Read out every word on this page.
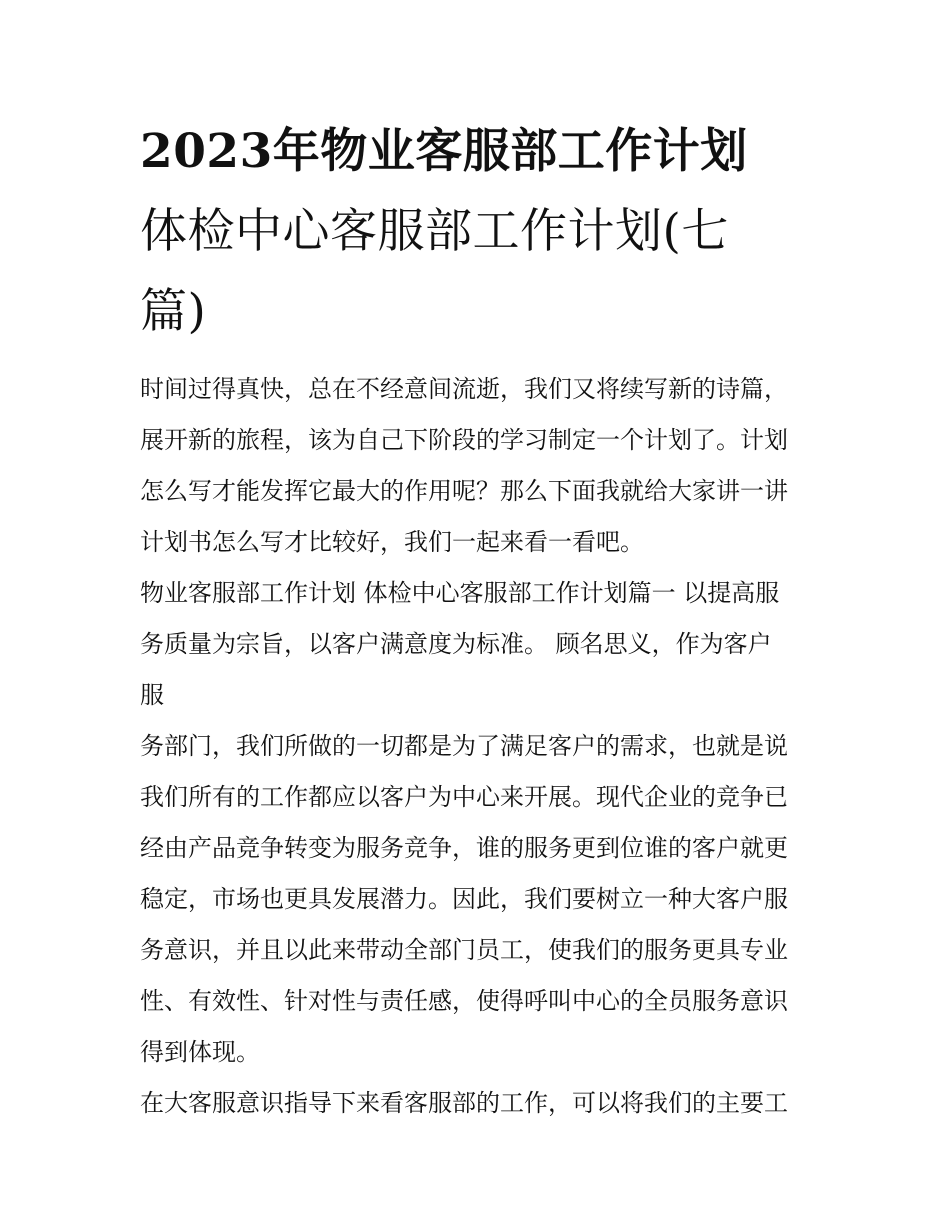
2023年物业客服部工作计划
体检中心客服部工作计划(七
篇)

时间过得真快，总在不经意间流逝，我们又将续写新的诗篇，
展开新的旅程，该为自己下阶段的学习制定一个计划了。计划
怎么写才能发挥它最大的作用呢？那么下面我就给大家讲一讲
计划书怎么写才比较好，我们一起来看一看吧。

物业客服部工作计划 体检中心客服部工作计划篇一 以提高服
务质量为宗旨，以客户满意度为标准。 顾名思义，作为客户
服

务部门，我们所做的一切都是为了满足客户的需求，也就是说
我们所有的工作都应以客户为中心来开展。现代企业的竞争已
经由产品竞争转变为服务竞争，谁的服务更到位谁的客户就更
稳定，市场也更具发展潜力。因此，我们要树立一种大客户服
务意识，并且以此来带动全部门员工，使我们的服务更具专业
性、有效性、针对性与责任感，使得呼叫中心的全员服务意识
得到体现。

在大客服意识指导下来看客服部的工作，可以将我们的主要工
